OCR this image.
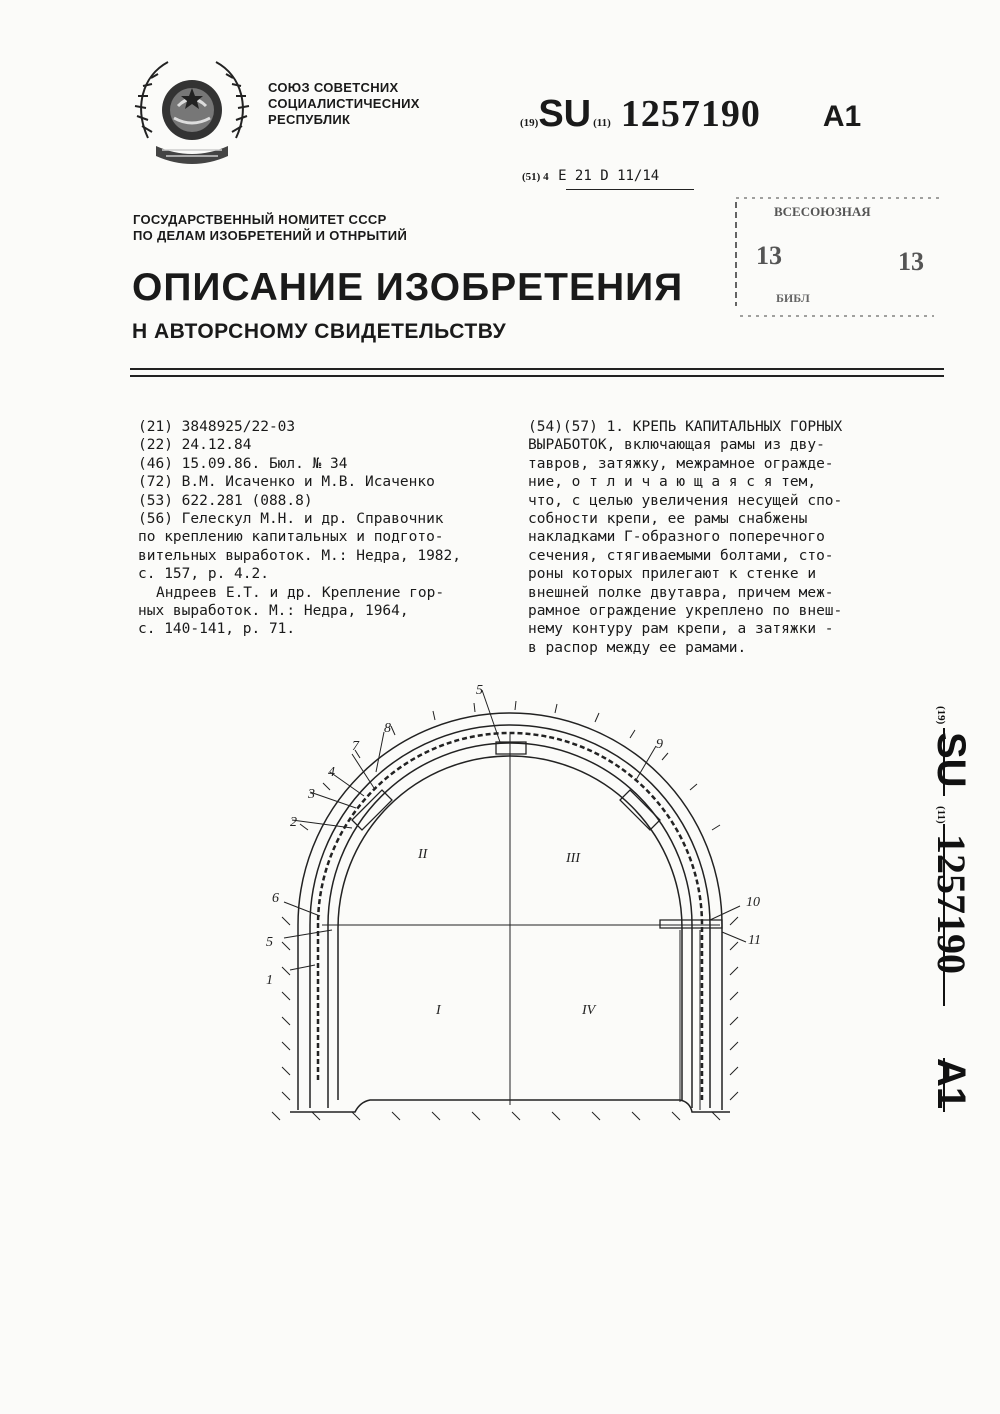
СОЮЗ СОВЕТСНИХ
СОЦИАЛИСТИЧЕСНИХ
РЕСПУБЛИК	(19)SU (11) 1257190 A1
(51) 4 E 21 D 11/14
ГОСУДАРСТВЕННЫЙ НОМИТЕТ СССР
ПО ДЕЛАМ ИЗОБРЕТЕНИЙ И ОТНРЫТИЙ
ВСЕСОЮЗНАЯ
13	13
БИБЛ
ОПИСАНИЕ ИЗОБРЕТЕНИЯ
Н АВТОРСНОМУ СВИДЕТЕЛЬСТВУ
(21) 3848925/22-03
(22) 24.12.84
(46) 15.09.86. Бюл. № 34
(72) В.М. Исаченко и М.В. Исаченко
(53) 622.281 (088.8)
(56) Гелескул М.Н. и др. Справочник
по креплению капитальных и подгото-
вительных выработок. М.: Недра, 1982,
с. 157, р. 4.2.
Андреев Е.Т. и др. Крепление гор-
ных выработок. М.: Недра, 1964,
с. 140-141, р. 71.
(54)(57) 1. КРЕПЬ КАПИТАЛЬНЫХ ГОРНЫХ
ВЫРАБОТОК, включающая рамы из дву-
тавров, затяжку, межрамное огражде-
ние, о т л и ч а ю щ а я с я тем,
что, с целью увеличения несущей спо-
собности крепи, ее рамы снабжены
накладками Г-образного поперечного
сечения, стягиваемыми болтами, сто-
роны которых прилегают к стенке и
внешней полке двутавра, причем меж-
рамное ограждение укреплено по внеш-
нему контуру рам крепи, а затяжки -
в распор между ее рамами.
(19)
SU
(11)
1257190
A1
1
2
3
4
5
5
6
7
8
9
10
11
I
II	III
IV
